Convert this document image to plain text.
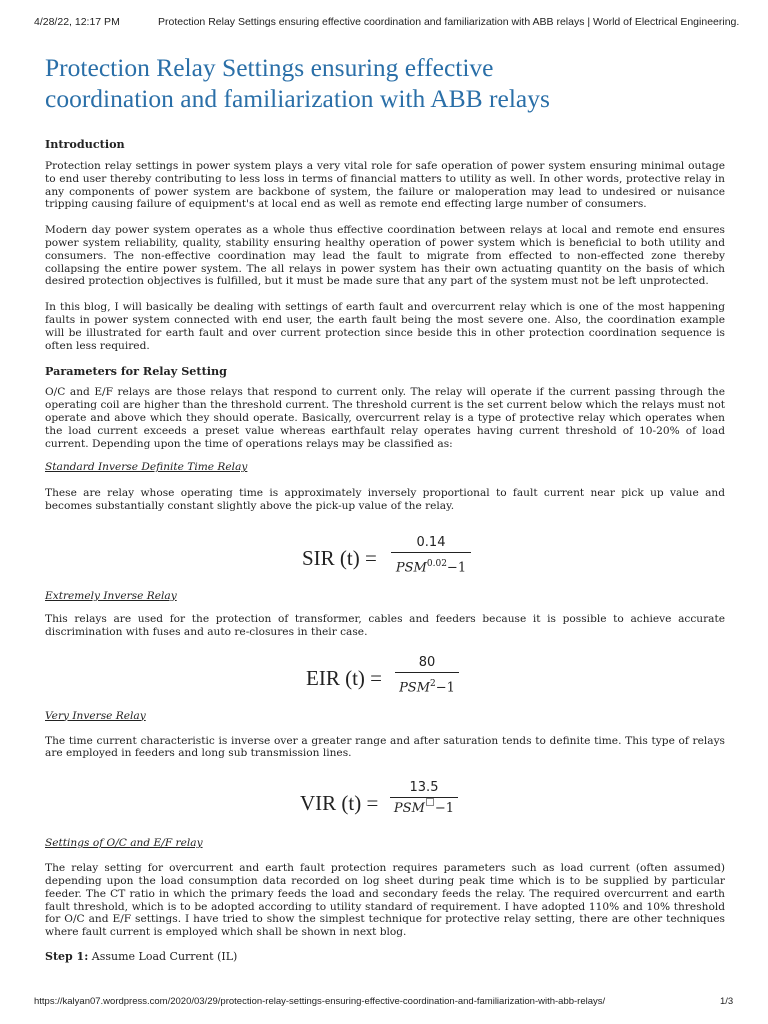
4/28/22, 12:17 PM	Protection Relay Settings ensuring effective coordination and familiarization with ABB relays | World of Electrical Engineering.
Protection Relay Settings ensuring effective
coordination and familiarization with ABB relays

Introduction

Protection relay settings in power system plays a very vital role for safe operation of power system ensuring minimal outage to end user thereby contributing to less loss in terms of financial matters to utility as well. In other words, protective relay in any components of power system are backbone of system, the failure or maloperation may lead to undesired or nuisance tripping causing failure of equipment's at local end as well as remote end effecting large number of consumers.

Modern day power system operates as a whole thus effective coordination between relays at local and remote end ensures power system reliability, quality, stability ensuring healthy operation of power system which is beneficial to both utility and consumers. The non-effective coordination may lead the fault to migrate from effected to non-effected zone thereby collapsing the entire power system. The all relays in power system has their own actuating quantity on the basis of which desired protection objectives is fulfilled, but it must be made sure that any part of the system must not be left unprotected.

In this blog, I will basically be dealing with settings of earth fault and overcurrent relay which is one of the most happening faults in power system connected with end user, the earth fault being the most severe one. Also, the coordination example will be illustrated for earth fault and over current protection since beside this in other protection coordination sequence is often less required.

Parameters for Relay Setting

O/C and E/F relays are those relays that respond to current only. The relay will operate if the current passing through the operating coil are higher than the threshold current. The threshold current is the set current below which the relays must not operate and above which they should operate. Basically, overcurrent relay is a type of protective relay which operates when the load current exceeds a preset value whereas earthfault relay operates having current threshold of 10-20% of load current. Depending upon the time of operations relays may be classified as:

Standard Inverse Definite Time Relay

These are relay whose operating time is approximately inversely proportional to fault current near pick up value and becomes substantially constant slightly above the pick-up value of the relay.

SIR (t) =
0.14
$PSM^{0.02}-1$

Extremely Inverse Relay

This relays are used for the protection of transformer, cables and feeders because it is possible to achieve accurate discrimination with fuses and auto re-closures in their case.

EIR (t) =
80
$PSM^2-1$

Very Inverse Relay

The time current characteristic is inverse over a greater range and after saturation tends to definite time. This type of relays are employed in feeders and long sub transmission lines.

VIR (t) =
13.5
PSM −1

Settings of O/C and E/F relay

The relay setting for overcurrent and earth fault protection requires parameters such as load current (often assumed) depending upon the load consumption data recorded on log sheet during peak time which is to be supplied by particular feeder. The CT ratio in which the primary feeds the load and secondary feeds the relay. The required overcurrent and earth fault threshold, which is to be adopted according to utility standard of requirement. I have adopted 110% and 10% threshold for O/C and E/F settings. I have tried to show the simplest technique for protective relay setting, there are other techniques where fault current is employed which shall be shown in next blog.

Step 1: Assume Load Current (IL)

https://kalyan07.wordpress.com/2020/03/29/protection-relay-settings-ensuring-effective-coordination-and-familiarization-with-abb-relays/	1/3
